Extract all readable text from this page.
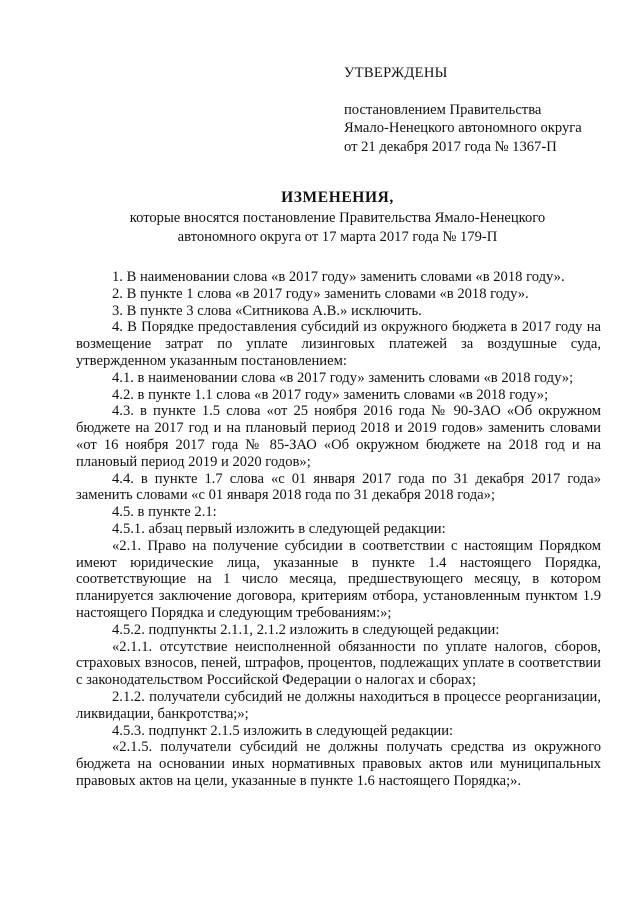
УТВЕРЖДЕНЫ
постановлением Правительства
Ямало-Ненецкого автономного округа
от 21 декабря 2017 года № 1367-П
ИЗМЕНЕНИЯ,
которые вносятся постановление Правительства Ямало-Ненецкого
автономного округа от 17 марта 2017 года № 179-П

1. В наименовании слова «в 2017 году» заменить словами «в 2018 году».

2. В пункте 1 слова «в 2017 году» заменить словами «в 2018 году».

3. В пункте 3 слова «Ситникова А.В.» исключить.

4. В Порядке предоставления субсидий из окружного бюджета в 2017 году на возмещение затрат по уплате лизинговых платежей за воздушные суда, утвержденном указанным постановлением:

4.1. в наименовании слова «в 2017 году» заменить словами «в 2018 году»;

4.2. в пункте 1.1 слова «в 2017 году» заменить словами «в 2018 году»;

4.3. в пункте 1.5 слова «от 25 ноября 2016 года № 90-ЗАО «Об окружном бюджете на 2017 год и на плановый период 2018 и 2019 годов» заменить словами «от 16 ноября 2017 года № 85-ЗАО «Об окружном бюджете на 2018 год и на плановый период 2019 и 2020 годов»;

4.4. в пункте 1.7 слова «с 01 января 2017 года по 31 декабря 2017 года» заменить словами «с 01 января 2018 года по 31 декабря 2018 года»;

4.5. в пункте 2.1:

4.5.1. абзац первый изложить в следующей редакции:

«2.1. Право на получение субсидии в соответствии с настоящим Порядком имеют юридические лица, указанные в пункте 1.4 настоящего Порядка, соответствующие на 1 число месяца, предшествующего месяцу, в котором планируется заключение договора, критериям отбора, установленным пунктом 1.9 настоящего Порядка и следующим требованиям:»;

4.5.2. подпункты 2.1.1, 2.1.2 изложить в следующей редакции:

«2.1.1. отсутствие неисполненной обязанности по уплате налогов, сборов, страховых взносов, пеней, штрафов, процентов, подлежащих уплате в соответствии с законодательством Российской Федерации о налогах и сборах;

2.1.2. получатели субсидий не должны находиться в процессе реорганизации, ликвидации, банкротства;»;

4.5.3. подпункт 2.1.5 изложить в следующей редакции:

«2.1.5. получатели субсидий не должны получать средства из окружного бюджета на основании иных нормативных правовых актов или муниципальных правовых актов на цели, указанные в пункте 1.6 настоящего Порядка;».
